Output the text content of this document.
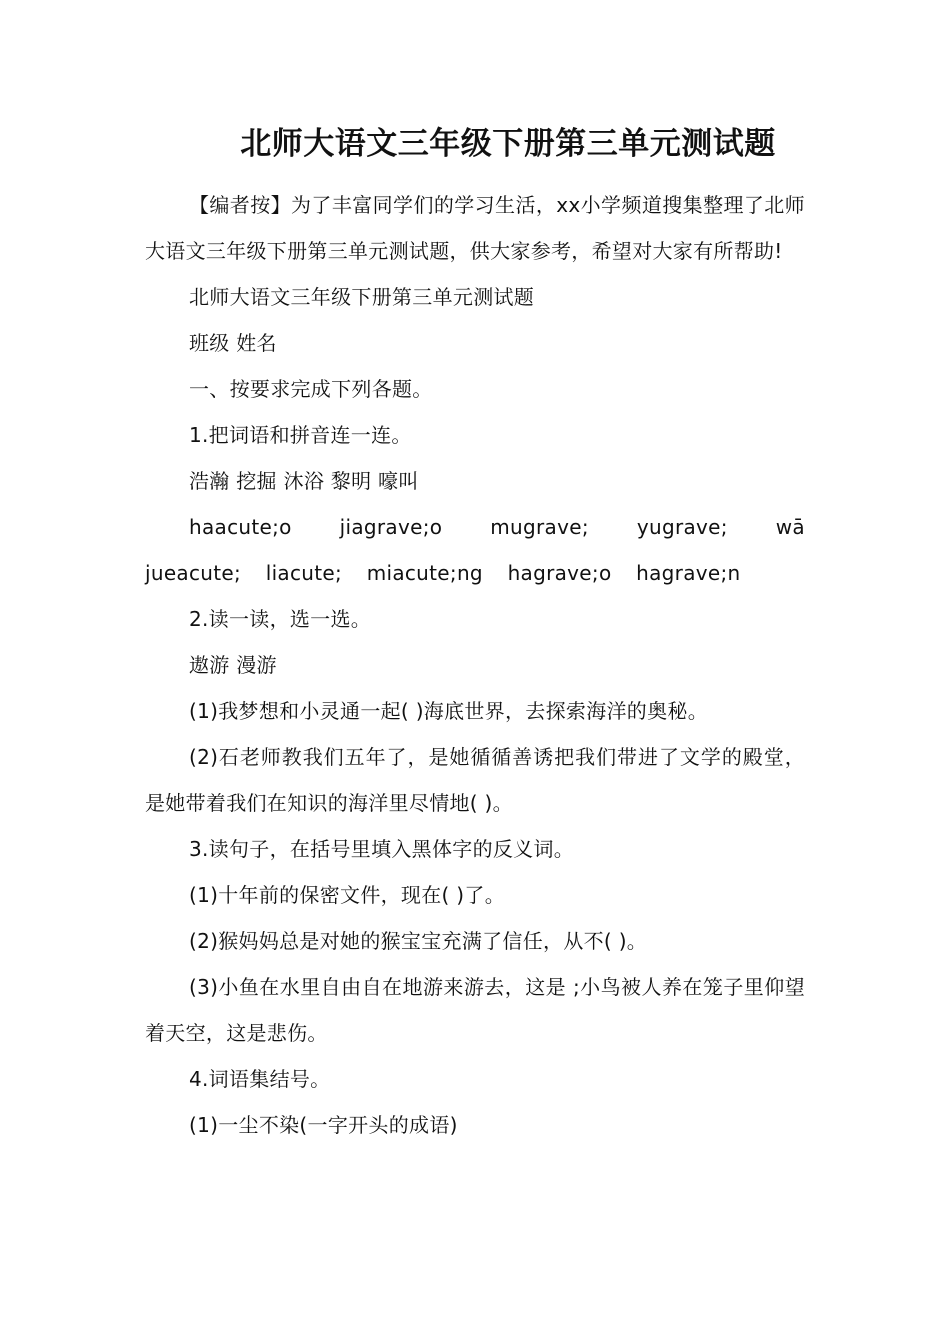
北师大语文三年级下册第三单元测试题

【编者按】为了丰富同学们的学习生活，xx小学频道搜集整理了北师大语文三年级下册第三单元测试题，供大家参考，希望对大家有所帮助!

北师大语文三年级下册第三单元测试题

班级 姓名

一、按要求完成下列各题。

1.把词语和拼音连一连。

浩瀚 挖掘 沐浴 黎明 嚎叫

haacute;o jiagrave;o mugrave; yugrave; wā jueacute; liacute; miacute;ng hagrave;o hagrave;n

2.读一读，选一选。

遨游 漫游

(1)我梦想和小灵通一起( )海底世界，去探索海洋的奥秘。

(2)石老师教我们五年了，是她循循善诱把我们带进了文学的殿堂，是她带着我们在知识的海洋里尽情地( )。

3.读句子，在括号里填入黑体字的反义词。

(1)十年前的保密文件，现在( )了。

(2)猴妈妈总是对她的猴宝宝充满了信任，从不( )。

(3)小鱼在水里自由自在地游来游去，这是 ;小鸟被人养在笼子里仰望着天空，这是悲伤。

4.词语集结号。

(1)一尘不染(一字开头的成语)
